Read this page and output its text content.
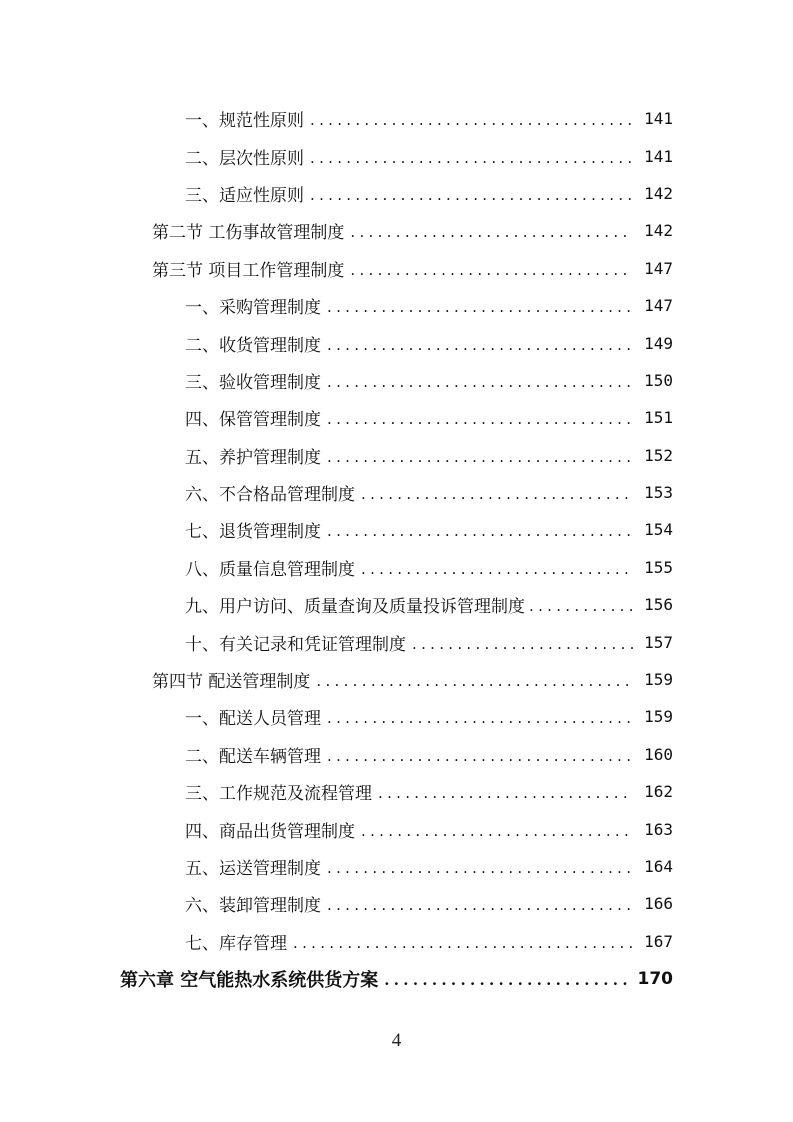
一、规范性原则 .....	141
二、层次性原则 .....	141
三、适应性原则 .....	142
第二节 工伤事故管理制度 .....	142
第三节 项目工作管理制度 .....	147
一、采购管理制度 .....	147
二、收货管理制度 .....	149
三、验收管理制度 .....	150
四、保管管理制度 .....	151
五、养护管理制度 .....	152
六、不合格品管理制度 .....	153
七、退货管理制度 .....	154
八、质量信息管理制度 .....	155
九、用户访问、质量查询及质量投诉管理制度 .....	156
十、有关记录和凭证管理制度 .....	157
第四节 配送管理制度 .....	159
一、配送人员管理 .....	159
二、配送车辆管理 .....	160
三、工作规范及流程管理 .....	162
四、商品出货管理制度 .....	163
五、运送管理制度 .....	164
六、装卸管理制度 .....	166
七、库存管理 .....	167
第六章 空气能热水系统供货方案 .....	170
4
